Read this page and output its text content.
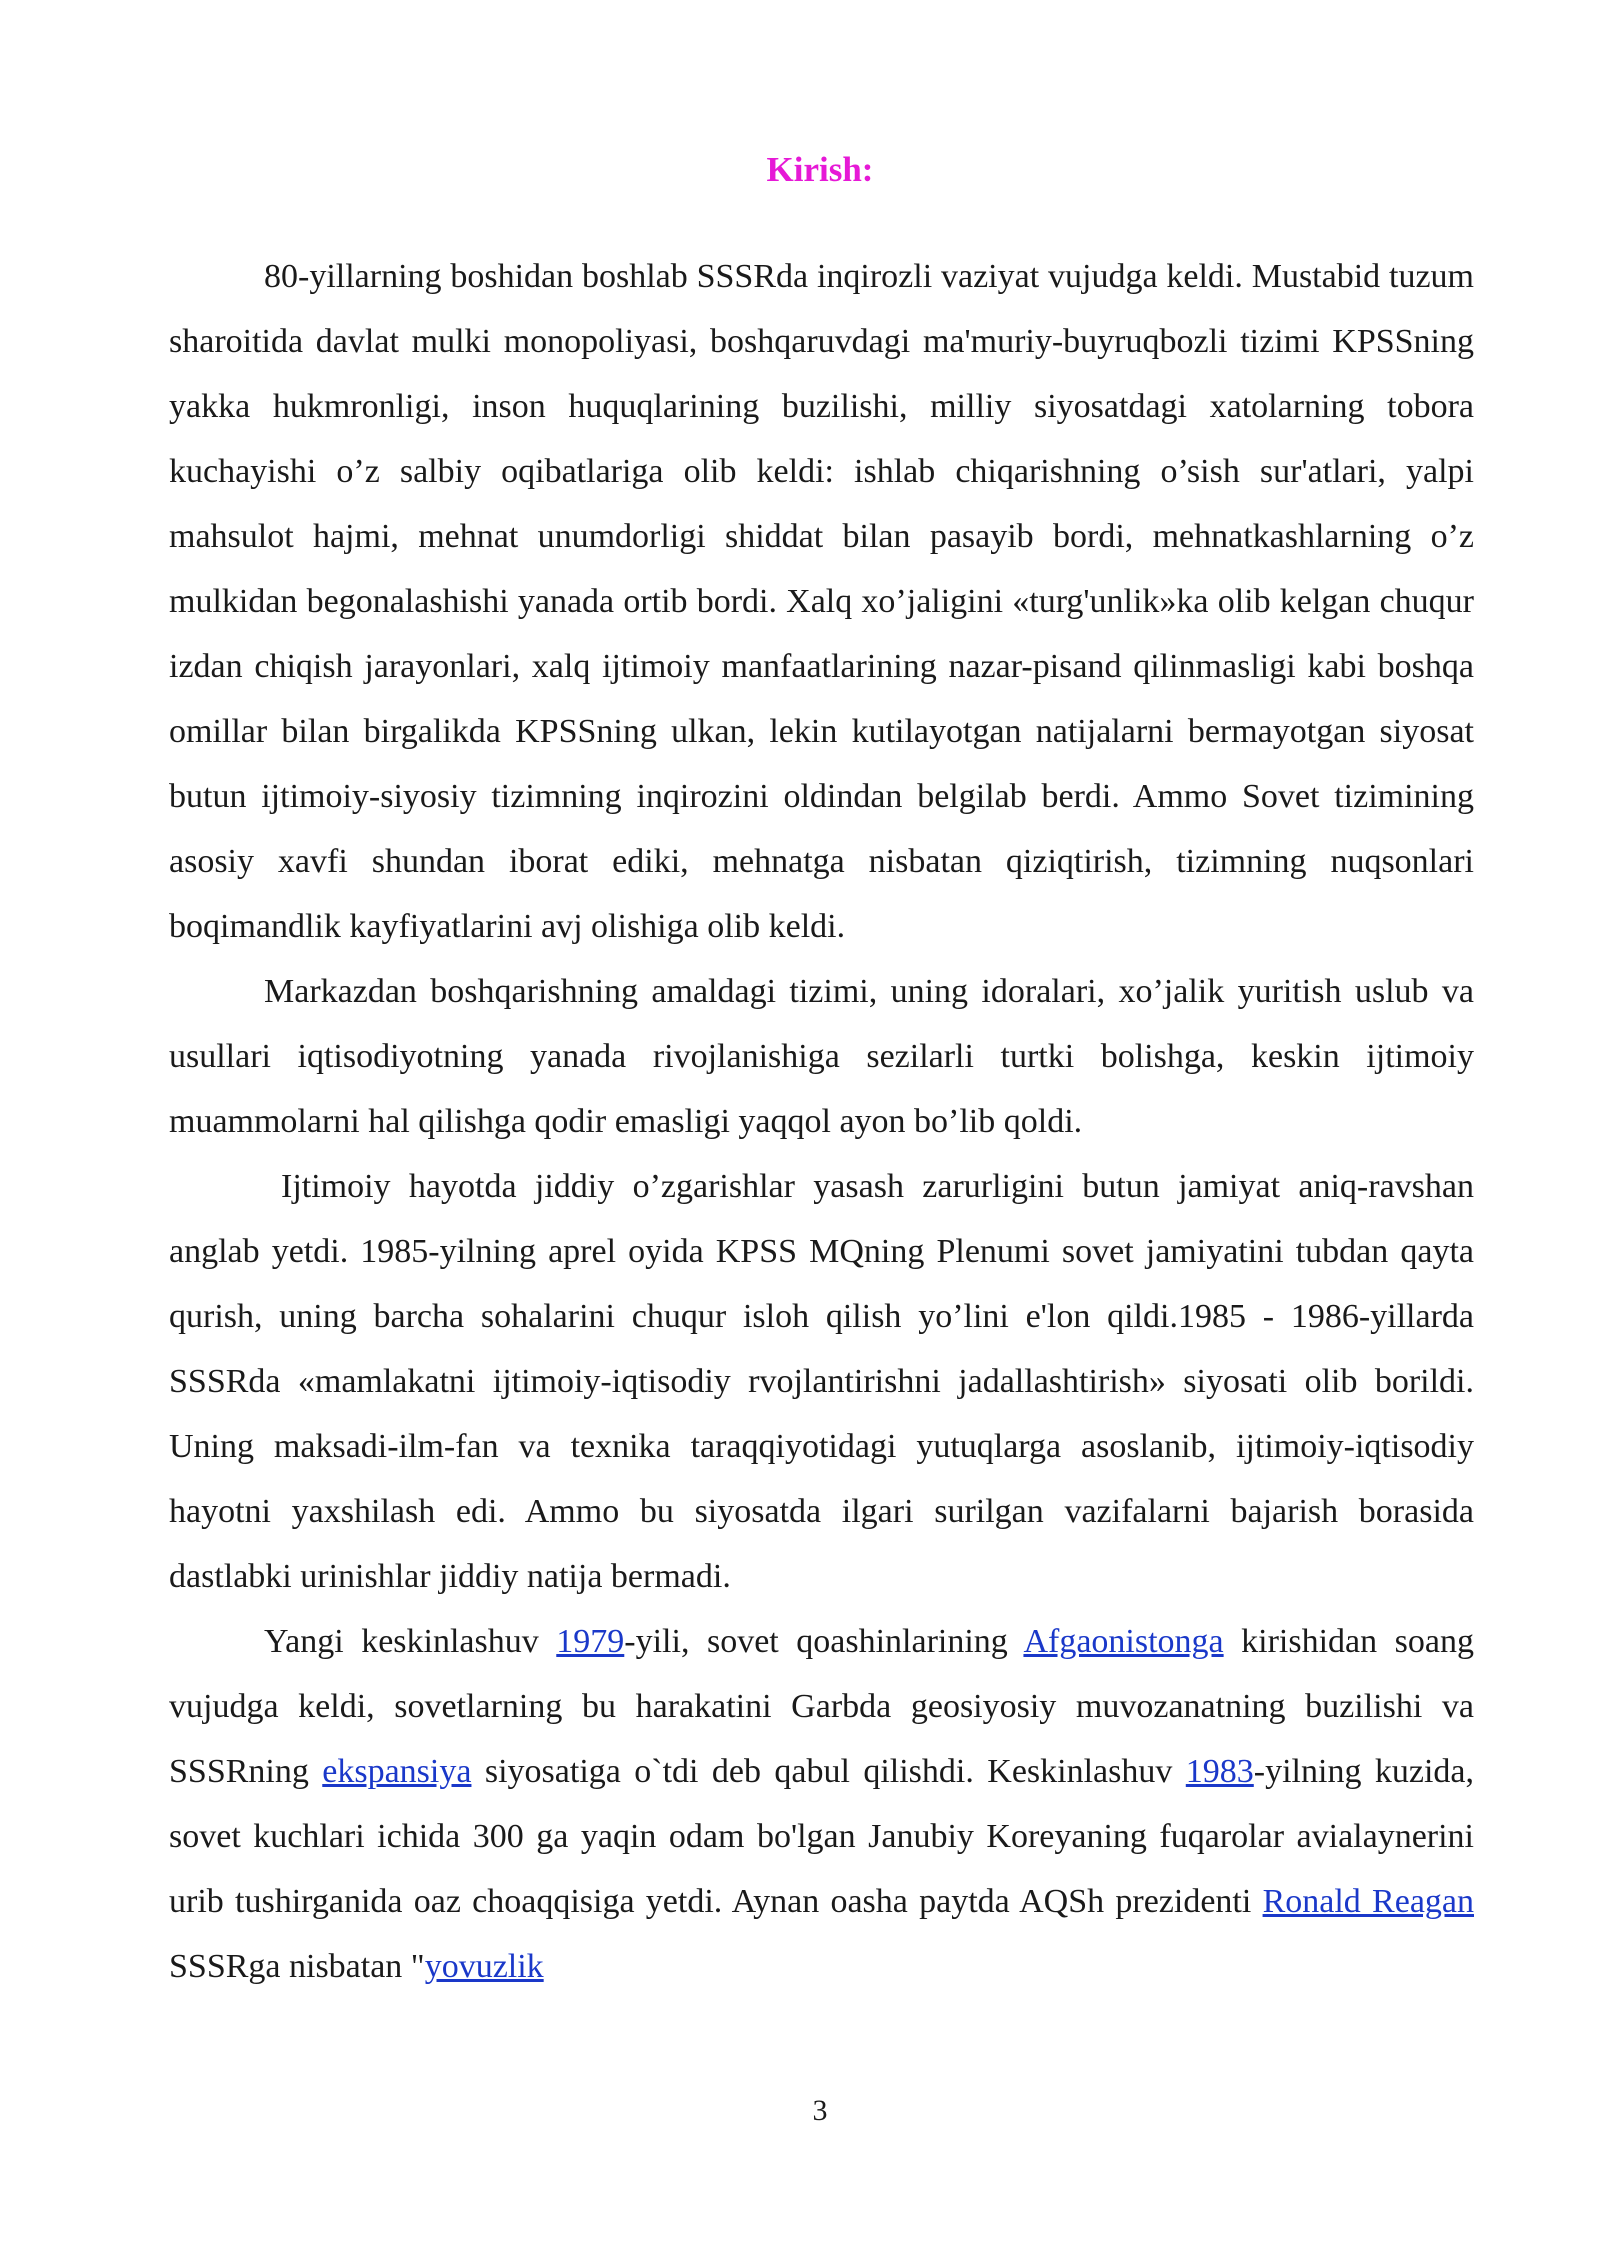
Kirish:

80-yillarning boshidan boshlab SSSRda inqirozli vaziyat vujudga keldi. Mustabid tuzum sharoitida davlat mulki monopoliyasi, boshqaruvdagi ma'muriy-buyruqbozli tizimi KPSSning yakka hukmronligi, inson huquqlarining buzilishi, milliy siyosatdagi xatolarning tobora kuchayishi o’z salbiy oqibatlariga olib keldi: ishlab chiqarishning o’sish sur'atlari, yalpi mahsulot hajmi, mehnat unumdorligi shiddat bilan pasayib bordi, mehnatkashlarning o’z mulkidan begonalashishi yanada ortib bordi. Xalq xo’jaligini «turg'unlik»ka olib kelgan chuqur izdan chiqish jarayonlari, xalq ijtimoiy manfaatlarining nazar-pisand qilinmasligi kabi boshqa omillar bilan birgalikda KPSSning ulkan, lekin kutilayotgan natijalarni bermayotgan siyosat butun ijtimoiy-siyosiy tizimning inqirozini oldindan belgilab berdi. Ammo Sovet tizimining asosiy xavfi shundan iborat ediki, mehnatga nisbatan qiziqtirish, tizimning nuqsonlari boqimandlik kayfiyatlarini avj olishiga olib keldi.

Markazdan boshqarishning amaldagi tizimi, uning idoralari, xo’jalik yuritish uslub va usullari iqtisodiyotning yanada rivojlanishiga sezilarli turtki bolishga, keskin ijtimoiy muammolarni hal qilishga qodir emasligi yaqqol ayon bo’lib qoldi.

Ijtimoiy hayotda jiddiy o’zgarishlar yasash zarurligini butun jamiyat aniq-ravshan anglab yetdi. 1985-yilning aprel oyida KPSS MQning Plenumi sovet jamiyatini tubdan qayta qurish, uning barcha sohalarini chuqur isloh qilish yo’lini e'lon qildi.1985 - 1986-yillarda SSSRda «mamlakatni ijtimoiy-iqtisodiy rvojlantirishni jadallashtirish» siyosati olib borildi. Uning maksadi-ilm-fan va texnika taraqqiyotidagi yutuqlarga asoslanib, ijtimoiy-iqtisodiy hayotni yaxshilash edi. Ammo bu siyosatda ilgari surilgan vazifalarni bajarish borasida dastlabki urinishlar jiddiy natija bermadi.

Yangi keskinlashuv 1979-yili, sovet qoashinlarining Afgaonistonga kirishidan soang vujudga keldi, sovetlarning bu harakatini Garbda geosiyosiy muvozanatning buzilishi va SSSRning ekspansiya siyosatiga o`tdi deb qabul qilishdi. Keskinlashuv 1983-yilning kuzida, sovet kuchlari ichida 300 ga yaqin odam bo'lgan Janubiy Koreyaning fuqarolar avialaynerini urib tushirganida oaz choaqqisiga yetdi. Aynan oasha paytda AQSh prezidenti Ronald Reagan SSSRga nisbatan "yovuzlik

3
